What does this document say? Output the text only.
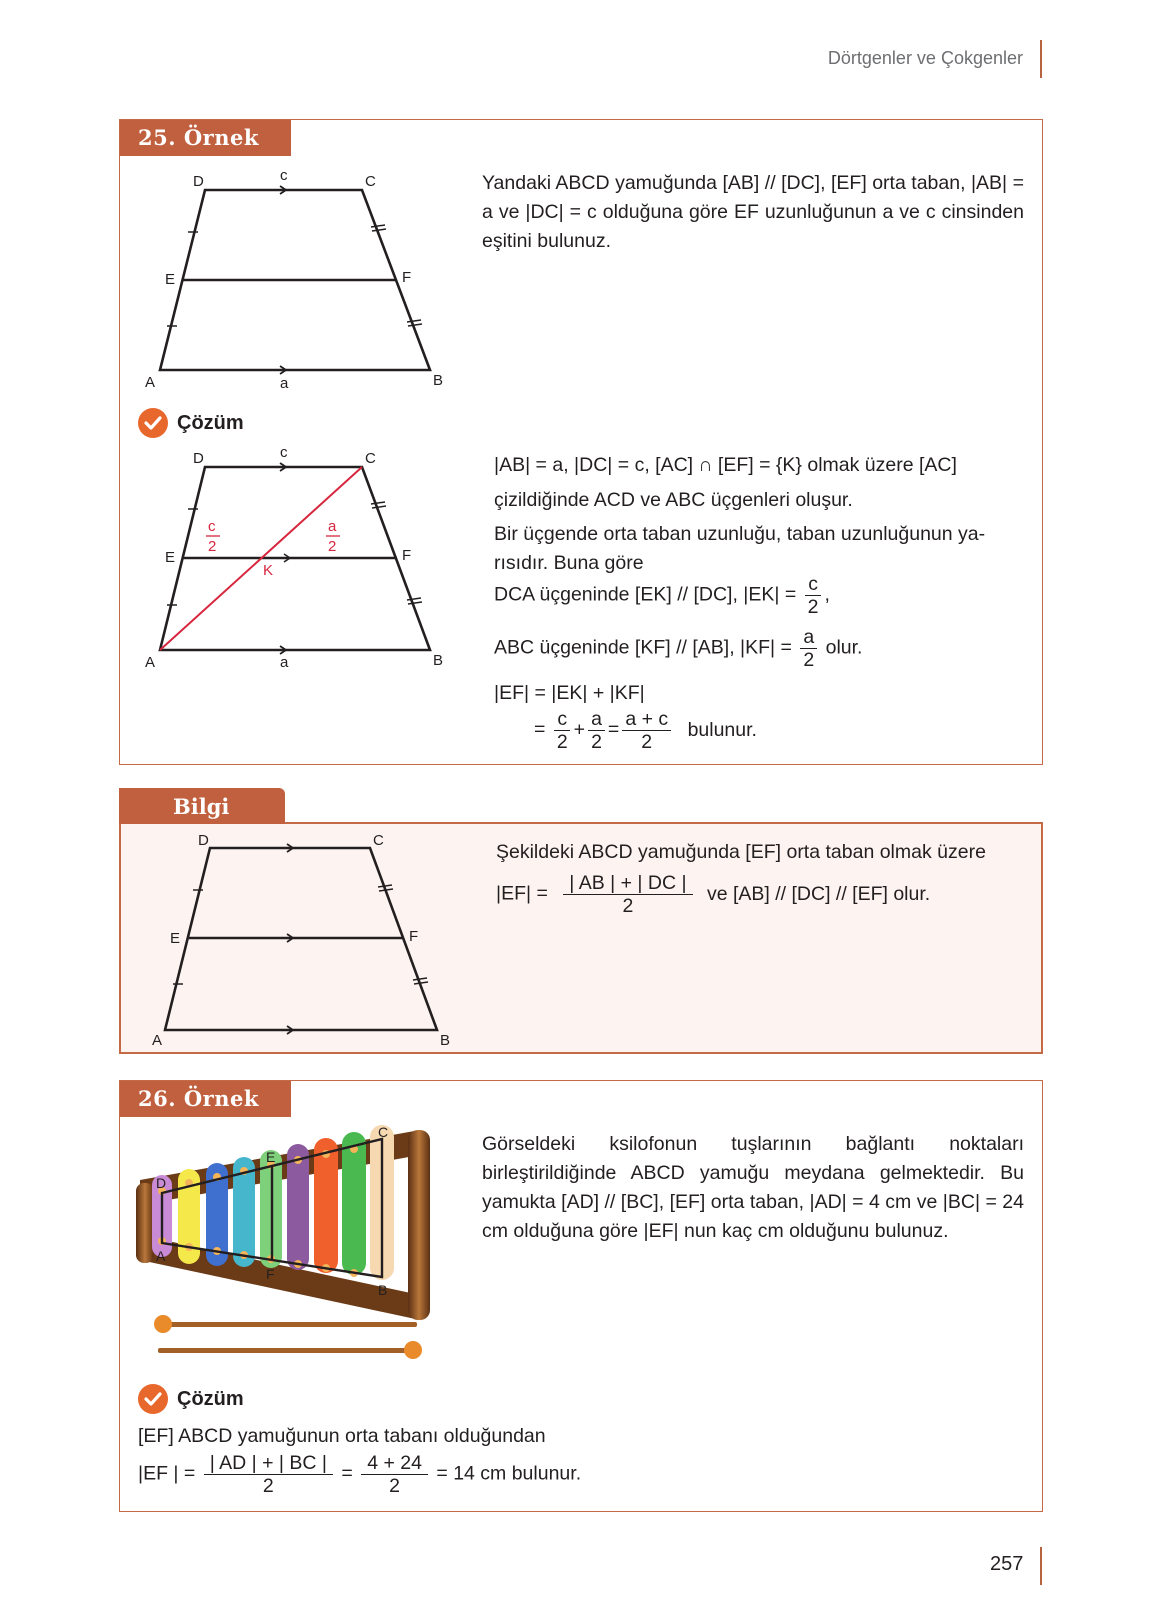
Dörtgenler ve Çokgenler
25. Örnek
D	C
c
E	F
A	a	B
Yandaki ABCD yamuğunda [AB] // [DC], [EF] orta taban, |AB| = a ve |DC| = c olduğuna göre EF uzunluğunun a ve c cinsinden eşitini bulunuz.
Çözüm
D	C
c
E	F
A	a	B
K
c
2
a
2
|AB| = a, |DC| = c, [AC] ∩ [EF] = {K} olmak üzere [AC]
çizildiğinde ACD ve ABC üçgenleri oluşur.
Bir üçgende orta taban uzunluğu, taban uzunluğunun ya-
rısıdır. Buna göre
DCA üçgeninde [EK] // [DC], $|EK| = \frac{c}{2}$ ,
ABC üçgeninde [KF] // [AB], $|KF| = \frac{a}{2}$ olur.
|EF| = |EK| + |KF|
= $\frac{c}{2} + \frac{a}{2} = \frac{a + c}{2}$ bulunur.
Bilgi
D	C
E	F
A	B
Şekildeki ABCD yamuğunda [EF] orta taban olmak üzere
$|EF| = \frac{| AB | + | DC |}{2}$ ve [AB] // [DC] // [EF] olur.
26. Örnek
D
A
E
F
C
B
Görseldeki ksilofonun tuşlarının bağlantı noktaları birleştirildiğinde ABCD yamuğu meydana gelmektedir. Bu yamukta [AD] // [BC], [EF] orta taban, |AD| = 4 cm ve |BC| = 24 cm olduğuna göre |EF| nun kaç cm olduğunu bulunuz.
Çözüm
[EF] ABCD yamuğunun orta tabanı olduğundan
|EF | = $\frac{| AD | + | BC |}{2} = \frac{4 + 24}{2} = 14$ cm bulunur.
257
